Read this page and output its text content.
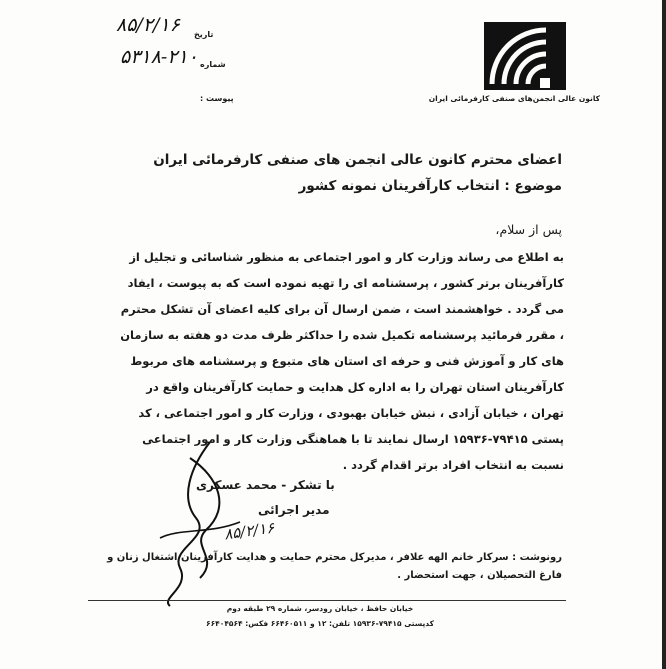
کانون عالی انجمن‌های صنفی کارفرمائی ایران
۸۵/۲/۱۶ تاریخ
۵۳۱۸-۲۱۰ شماره
پیوست :
اعضای محترم کانون عالی انجمن های صنفی کارفرمائی ایران
موضوع : انتخاب کارآفرینان نمونه کشور
پس از سلام،
به اطلاع می رساند وزارت کار و امور اجتماعی به منظور شناسائی و تجلیل از
کارآفرینان برتر کشور ، پرسشنامه ای را تهیه نموده است که به پیوست ، ایفاد
می گردد . خواهشمند است ، ضمن ارسال آن برای کلیه اعضای آن تشکل محترم
، مقرر فرمائید پرسشنامه تکمیل شده را حداکثر ظرف مدت دو هفته به سازمان
های کار و آموزش فنی و حرفه ای استان های متبوع و پرسشنامه های مربوط
کارآفرینان استان تهران را به اداره کل هدایت و حمایت کارآفرینان واقع در
تهران ، خیابان آزادی ، نبش خیابان بهبودی ، وزارت کار و امور اجتماعی ، کد
پستی ۷۹۴۱۵-۱۵۹۳۶ ارسال نمایند تا با هماهنگی وزارت کار و امور اجتماعی
نسبت به انتخاب افراد برتر اقدام گردد .
با تشکر - محمد عسکری
مدیر اجرائی
۸۵/۲/۱۶
رونوشت : سرکار خانم الهه علافر ، مدیرکل محترم حمایت و هدایت کارآفرینان اشتغال زنان و
فارغ التحصیلان ، جهت استحضار .
خیابان حافظ ، خیابان رودسر، شماره ۲۹ طبقه دوم
کدپستی ۷۹۴۱۵-۱۵۹۳۶ تلفن: ۱۲ و ۶۶۴۶۰۵۱۱ فکس: ۶۶۴۰۴۵۶۴
